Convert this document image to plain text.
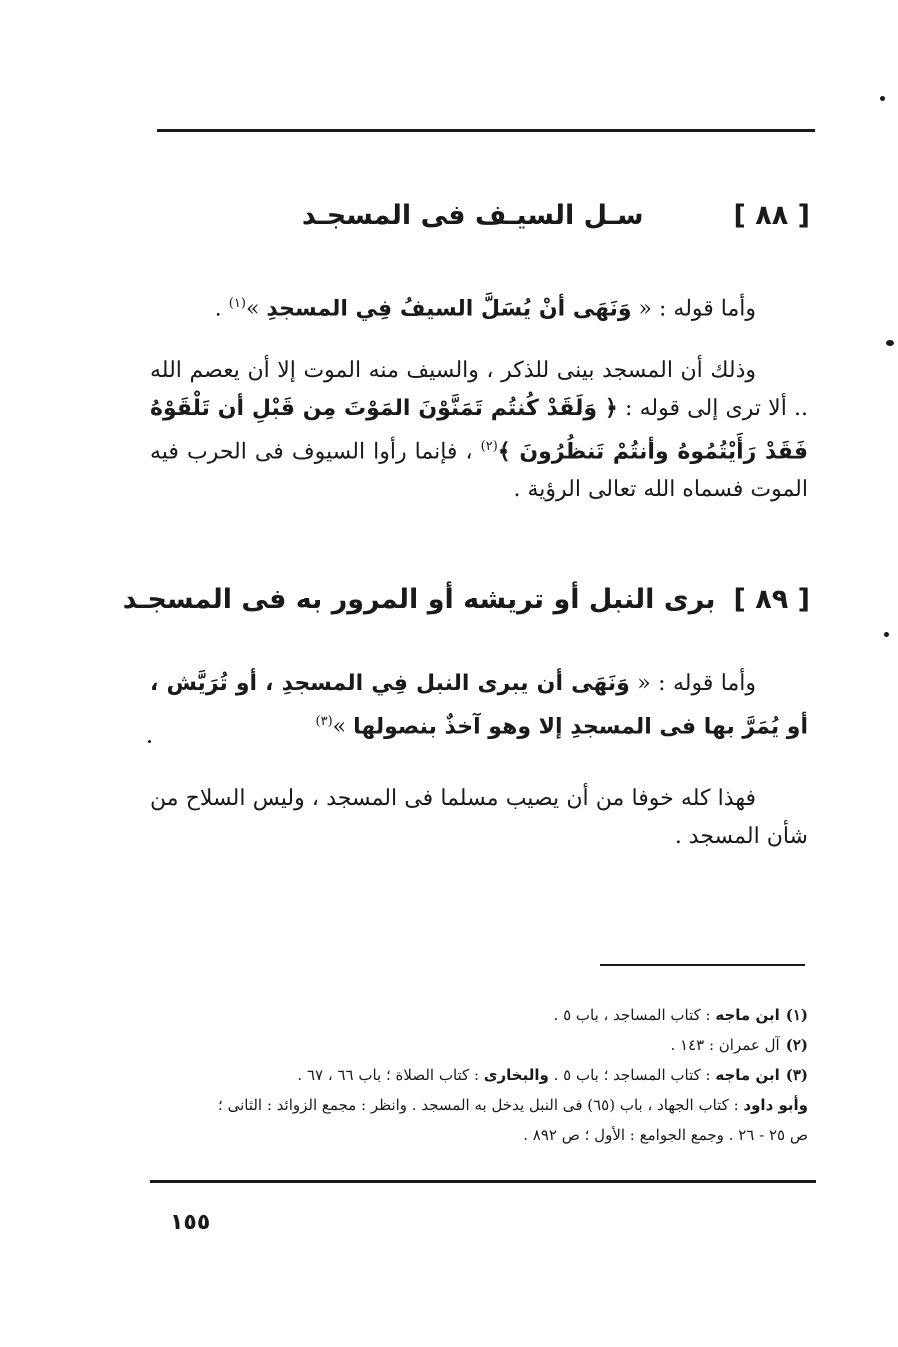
[ ٨٨ ]سـل السيـف فى المسجـد
وأما قوله : « وَنَهَى أنْ يُسَلَّ السيفُ فِي المسجدِ »$^{(١)}$ .
وذلك أن المسجد بينى للذكر ، والسيف منه الموت إلا أن يعصم الله .. ألا ترى إلى قوله : ﴿ وَلَقَدْ كُنتُم تَمَنَّوْنَ المَوْتَ مِن قَبْلِ أن تَلْقَوْهُ فَقَدْ رَأَيْتُمُوهُ وأنتُمْ تَنظُرُونَ ﴾$^{(٢)}$ ، فإنما رأوا السيوف فى الحرب فيه الموت فسماه الله تعالى الرؤية .
[ ٨٩ ]برى النبل أو تريشه أو المرور به فى المسجـد
وأما قوله : « وَنَهَى أن يبرى النبل فِي المسجدِ ، أو تُرَيَّش ، أو يُمَرَّ بها فى المسجدِ إلا وهو آخذٌ بنصولها »$^{(٣)}$
فهذا كله خوفا من أن يصيب مسلما فى المسجد ، وليس السلاح من شأن المسجد .
(١)ابن ماجه : كتاب المساجد ، باب ٥ .
(٢)آل عمران : ١٤٣ .
(٣)ابن ماجه : كتاب المساجد ؛ باب ٥ . والبخارى : كتاب الصلاة ؛ باب ٦٦ ، ٦٧ .
وأبو داود : كتاب الجهاد ، باب (٦٥) فى النبل يدخل به المسجد . وانظر : مجمع الزوائد : الثانى ؛
ص ٢٥ - ٢٦ . وجمع الجوامع : الأول ؛ ص ٨٩٢ .
١٥٥
